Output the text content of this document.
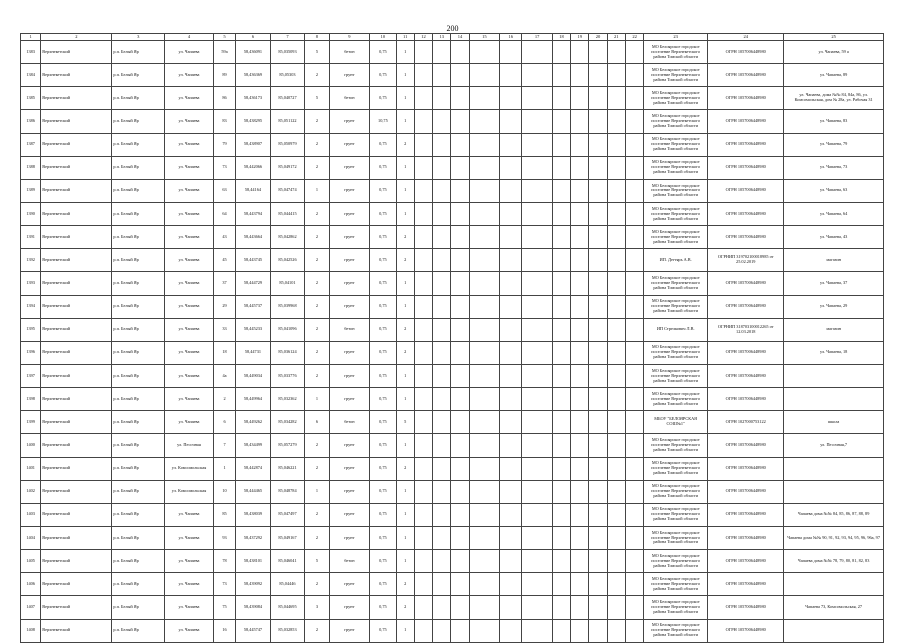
200
1	2	3	4	5	6	7	8	9	10	11	12	13	14	15	16	17	18	19	20	21	22	23	24	25
1383	Верхнекетский	р.п. Белый Яр	ул. Чапаева	59а	58,436091	85,035093	5	бетон	0,75	1												МО Белоярское городское поселение Верхнекетского района Томской области	ОГРН 1057006448980	ул. Чапаева, 59 а
1384	Верхнекетский	р.п. Белый Яр	ул. Чапаева	89	58,436369	85,05303	2	грунт	0,75	1												МО Белоярское городское поселение Верхнекетского района Томской области	ОГРН 1057006448980	ул. Чапаева, 89
1385	Верхнекетский	р.п. Белый Яр	ул. Чапаева	86	58,436173	85,040727	5	бетон	0,75	1												МО Белоярское городское поселение Верхнекетского района Томской области	ОГРН 1057006448980	ул. Чапаева, дома №№ 84, 84а, 86, ул. Комсомольская, дом № 28а, ул. Рабочая 31
1386	Верхнекетский	р.п. Белый Яр	ул. Чапаева	83	58,438295	85,051122	2	грунт	10,75	1												МО Белоярское городское поселение Верхнекетского района Томской области	ОГРН 1057006448980	ул. Чапаева, 83
1387	Верхнекетский	р.п. Белый Яр	ул. Чапаева	79	58,438907	85,050979	2	грунт	0,75	2												МО Белоярское городское поселение Верхнекетского района Томской области	ОГРН 1057006448980	ул. Чапаева, 79
1388	Верхнекетский	р.п. Белый Яр	ул. Чапаева	73	58,442066	85,049172	2	грунт	0,75	1												МО Белоярское городское поселение Верхнекетского района Томской области	ОГРН 1057006448980	ул. Чапаева, 73
1389	Верхнекетский	р.п. Белый Яр	ул. Чапаева	63	58,44164	85,047474	1	грунт	0,75	1												МО Белоярское городское поселение Верхнекетского района Томской области	ОГРН 1057006448980	ул. Чапаева, 63
1390	Верхнекетский	р.п. Белый Яр	ул. Чапаева	64	58,443794	85,044415	2	грунт	0,75	1												МО Белоярское городское поселение Верхнекетского района Томской области	ОГРН 1057006448980	ул. Чапаева, 64
1391	Верхнекетский	р.п. Белый Яр	ул. Чапаева	43	58,443664	85,042862	2	грунт	0,75	2												МО Белоярское городское поселение Верхнекетского района Томской области	ОГРН 1057006448980	ул. Чапаева, 43
1392	Верхнекетский	р.п. Белый Яр	ул. Чапаева	45	58,443745	85,042526	2	грунт	0,75	2												ИП. Дегтярь А.В.	ОГРНИП 319702100018985 от 25.02.2019	магазин
1393	Верхнекетский	р.п. Белый Яр	ул. Чапаева	37	58,444729	85,04101	2	грунт	0,75	1												МО Белоярское городское поселение Верхнекетского района Томской области	ОГРН 1057006448980	ул. Чапаева, 37
1394	Верхнекетский	р.п. Белый Яр	ул. Чапаева	29	58,445737	85,039968	2	грунт	0,75	1												МО Белоярское городское поселение Верхнекетского района Томской области	ОГРН 1057006448980	ул. Чапаева, 29
1395	Верхнекетский	р.п. Белый Яр	ул. Чапаева	33	58,445233	85,041096	2	бетон	0,75	2												ИП Стрелкович Л.В.	ОГРНИП 318703100012265 от 12.03.2018	магазин
1396	Верхнекетский	р.п. Белый Яр	ул. Чапаева	18	58,44731	85,036124	2	грунт	0,75	2												МО Белоярское городское поселение Верхнекетского района Томской области	ОГРН 1057006448980	ул. Чапаева, 18
1397	Верхнекетский	р.п. Белый Яр	ул. Чапаева	4а	58,449034	85,033776	2	грунт	0,75	1												МО Белоярское городское поселение Верхнекетского района Томской области	ОГРН 1057006448980	
1398	Верхнекетский	р.п. Белый Яр	ул. Чапаева	2	58,449964	85,032362	1	грунт	0,75	1												МО Белоярское городское поселение Верхнекетского района Томской области	ОГРН 1057006448980	
1399	Верхнекетский	р.п. Белый Яр	ул. Чапаева	6	58,449262	85,034282	6	бетон	0,75	5												МБОУ "БЕЛОЯРСКАЯ СОШ№1"	ОГРН 1027000753122	школа
1400	Верхнекетский	р.п. Белый Яр	ул. Песочная	7	58,434499	85,057279	2	грунт	0,75	1												МО Белоярское городское поселение Верхнекетского района Томской области	ОГРН 1057006448980	ул. Песочная,7
1401	Верхнекетский	р.п. Белый Яр	ул. Комсомольская	1	58,442874	85,046221	2	грунт	0,75	2												МО Белоярское городское поселение Верхнекетского района Томской области	ОГРН 1057006448980	
1402	Верхнекетский	р.п. Белый Яр	ул. Комсомольская	10	58,444465	85,048784	1	грунт	0,75	1												МО Белоярское городское поселение Верхнекетского района Томской области	ОГРН 1057006448980	
1403	Верхнекетский	р.п. Белый Яр	ул. Чапаева	85	58,438039	85,047497	2	грунт	0,75	1												МО Белоярское городское поселение Верхнекетского района Томской области	ОГРН 1057006448980	Чапаева дома №№ 84, 85, 86, 87, 88, 89
1404	Верхнекетский	р.п. Белый Яр	ул. Чапаева	93	58,437292	85,049167	2	грунт	0,75	1												МО Белоярское городское поселение Верхнекетского района Томской области	ОГРН 1057006448980	Чапаева дома №№ 90, 91, 92, 93, 94, 95, 96, 96а, 97
1405	Верхнекетский	р.п. Белый Яр	ул. Чапаева	78	58,438101	85,046041	5	бетон	0,75	1												МО Белоярское городское поселение Верхнекетского района Томской области	ОГРН 1057006448980	Чапаева дома №№ 78, 79, 80, 81, 82, 83
1406	Верхнекетский	р.п. Белый Яр	ул. Чапаева	73	58,439092	85,04446	2	грунт	0,75	2												МО Белоярское городское поселение Верхнекетского района Томской области	ОГРН 1057006448980	
1407	Верхнекетский	р.п. Белый Яр	ул. Чапаева	75	58,439084	85,044695	3	грунт	0,75	2												МО Белоярское городское поселение Верхнекетского района Томской области	ОГРН 1057006448980	Чапаева 73, Комсомольская, 27
1408	Верхнекетский	р.п. Белый Яр	ул. Чапаева	16	58,445747	85,032853	2	грунт	0,75	1												МО Белоярское городское поселение Верхнекетского района Томской области	ОГРН 1057006448980	
